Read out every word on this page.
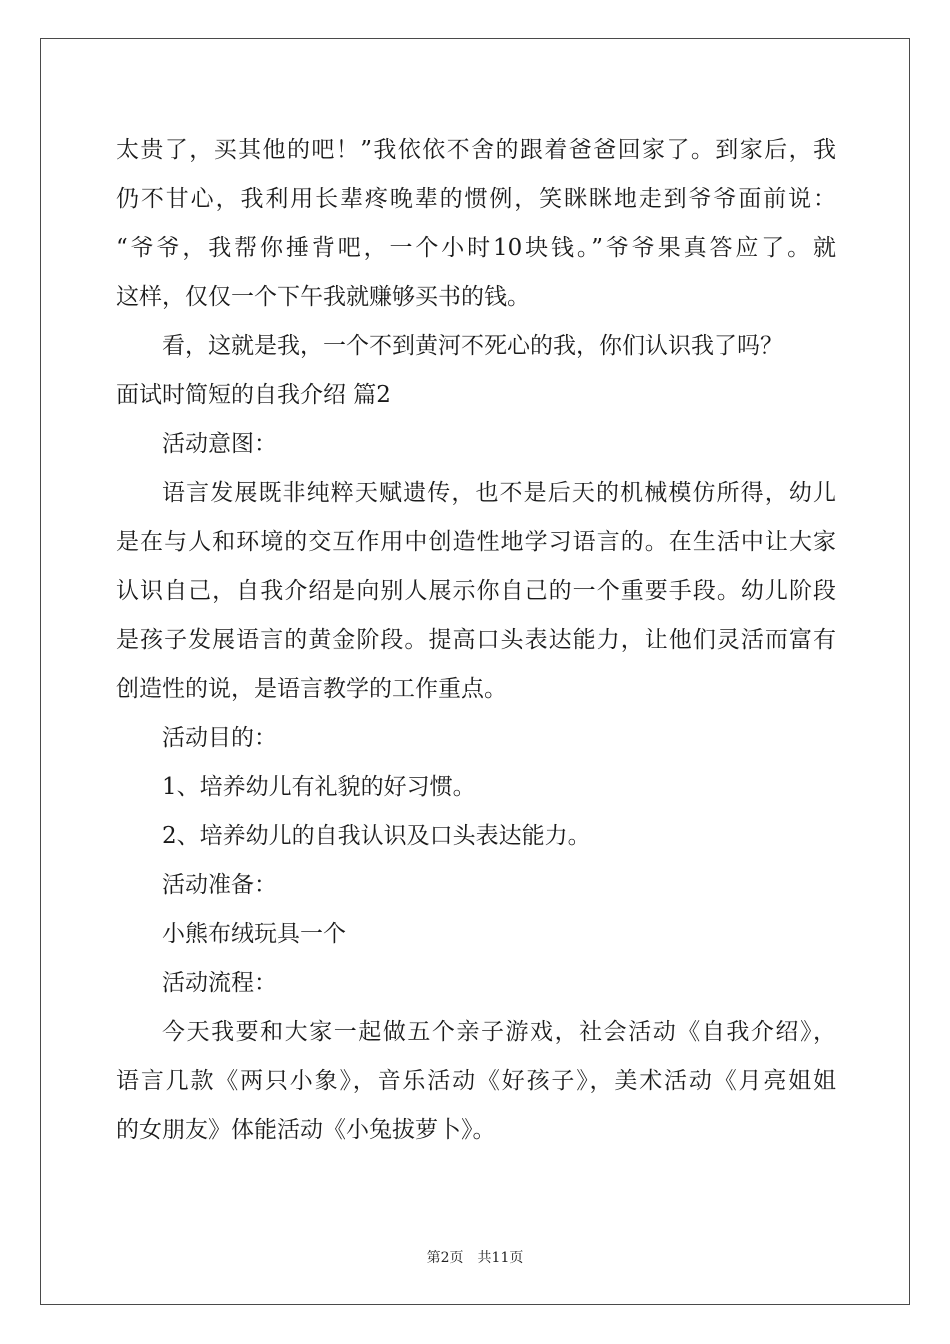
太贵了，买其他的吧！”我依依不舍的跟着爸爸回家了。到家后，我

仍不甘心，我利用长辈疼晚辈的惯例，笑眯眯地走到爷爷面前说：

“爷爷，我帮你捶背吧，一个小时10块钱。”爷爷果真答应了。就

这样，仅仅一个下午我就赚够买书的钱。

看，这就是我，一个不到黄河不死心的我，你们认识我了吗？

面试时简短的自我介绍 篇2

活动意图：

语言发展既非纯粹天赋遗传，也不是后天的机械模仿所得，幼儿

是在与人和环境的交互作用中创造性地学习语言的。在生活中让大家

认识自己，自我介绍是向别人展示你自己的一个重要手段。幼儿阶段

是孩子发展语言的黄金阶段。提高口头表达能力，让他们灵活而富有

创造性的说，是语言教学的工作重点。

活动目的：

1、培养幼儿有礼貌的好习惯。

2、培养幼儿的自我认识及口头表达能力。

活动准备：

小熊布绒玩具一个

活动流程：

今天我要和大家一起做五个亲子游戏，社会活动《自我介绍》，

语言几款《两只小象》，音乐活动《好孩子》，美术活动《月亮姐姐

的女朋友》体能活动《小兔拔萝卜》。

第2页　共11页
